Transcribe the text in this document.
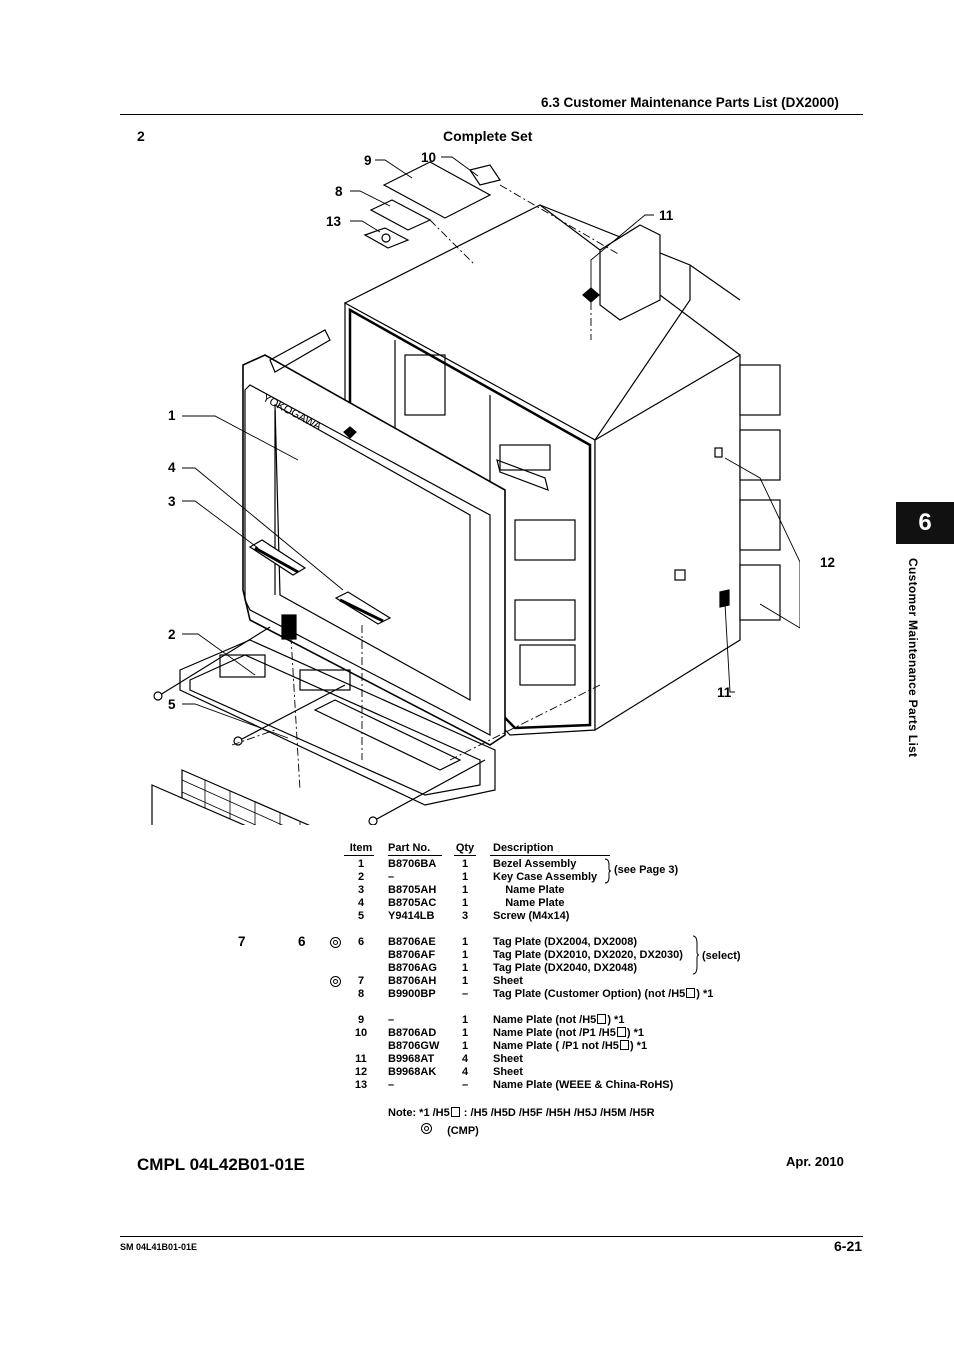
6.3 Customer Maintenance Parts List (DX2000)
2	Complete Set
YOKOGAWA
1
2
3
4
5
6
7
8
9	10
11
11
12
13
6
Customer Maintenance Parts List
Item	Part No.	Qty Description
1	B8706BA	1	Bezel Assembly
2	–	1	Key Case Assembly
3	B8705AH	1	Name Plate
4	B8705AC	1	Name Plate
5	Y9414LB	3	Screw (M4x14)
6	B8706AE	1	Tag Plate (DX2004, DX2008)
B8706AF	1	Tag Plate (DX2010, DX2020, DX2030)
B8706AG	1	Tag Plate (DX2040, DX2048)
7	B8706AH	1	Sheet
8	B9900BP	–	Tag Plate (Customer Option) (not /H5 ) *1
9	–	1	Name Plate (not /H5 ) *1
10	B8706AD	1	Name Plate (not /P1 /H5 ) *1
B8706GW	1	Name Plate ( /P1 not /H5 ) *1
11	B9968AT	4	Sheet
12	B9968AK	4	Sheet
13	–	–	Name Plate (WEEE & China-RoHS)
(see Page 3)
(select)
Note: *1 /H5 : /H5 /H5D /H5F /H5H /H5J /H5M /H5R
(CMP)
CMPL 04L42B01-01E	Apr. 2010
SM 04L41B01-01E	6-21
